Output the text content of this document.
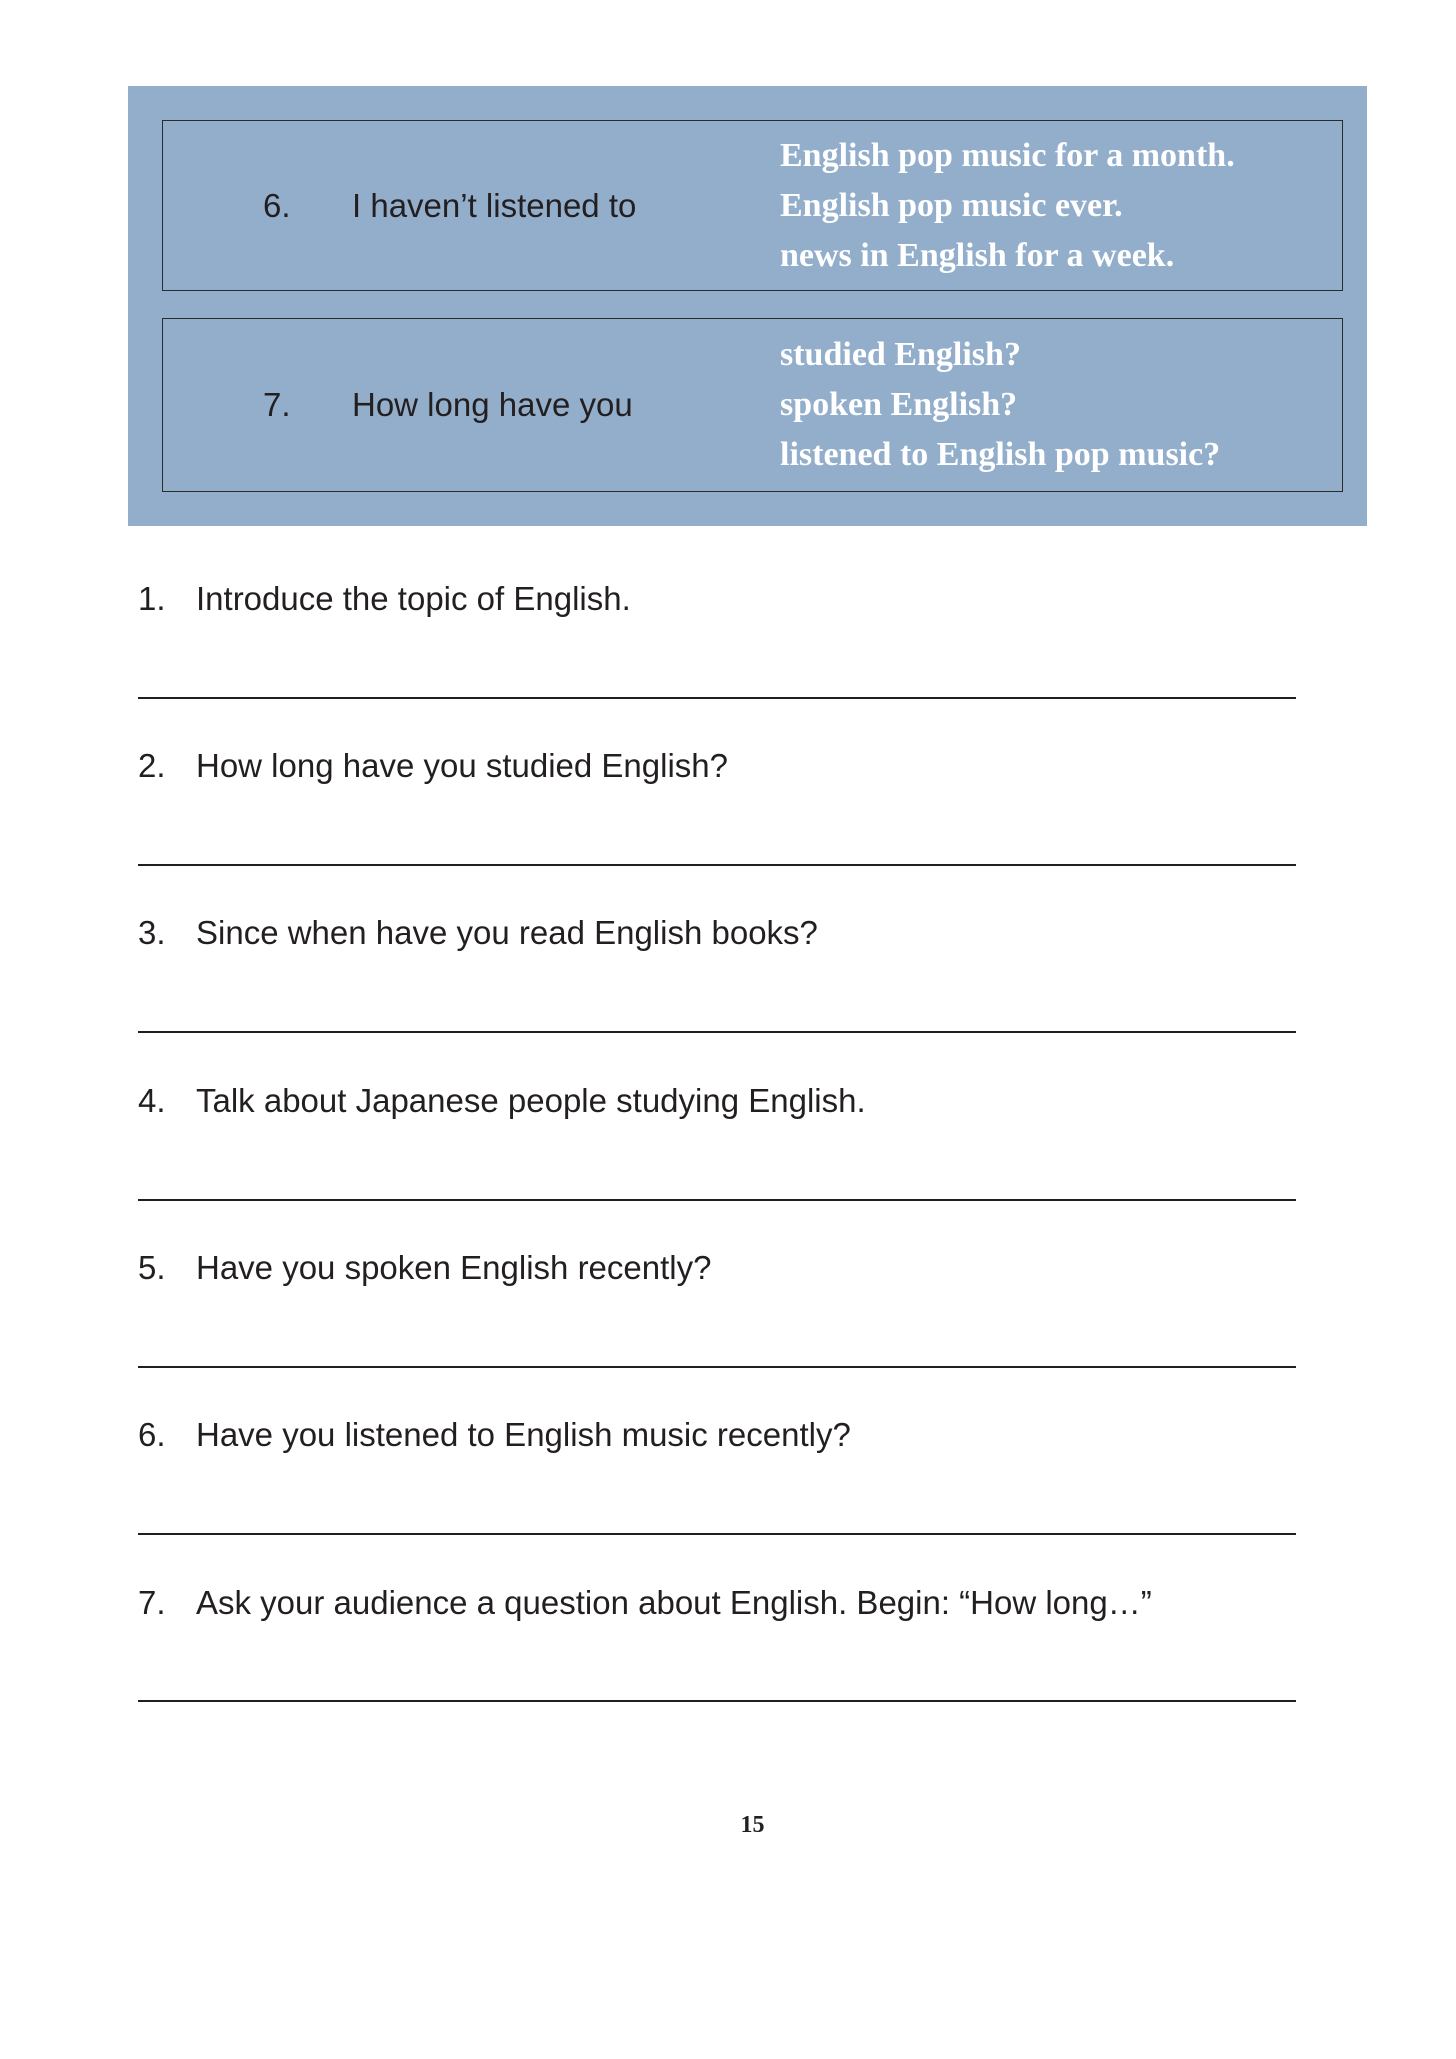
6. I haven’t listened to
English pop music for a month.
English pop music ever.
news in English for a week.
7. How long have you
studied English?
spoken English?
listened to English pop music?
1. Introduce the topic of English.
2. How long have you studied English?
3. Since when have you read English books?
4. Talk about Japanese people studying English.
5. Have you spoken English recently?
6. Have you listened to English music recently?
7. Ask your audience a question about English. Begin: “How long…”
15
